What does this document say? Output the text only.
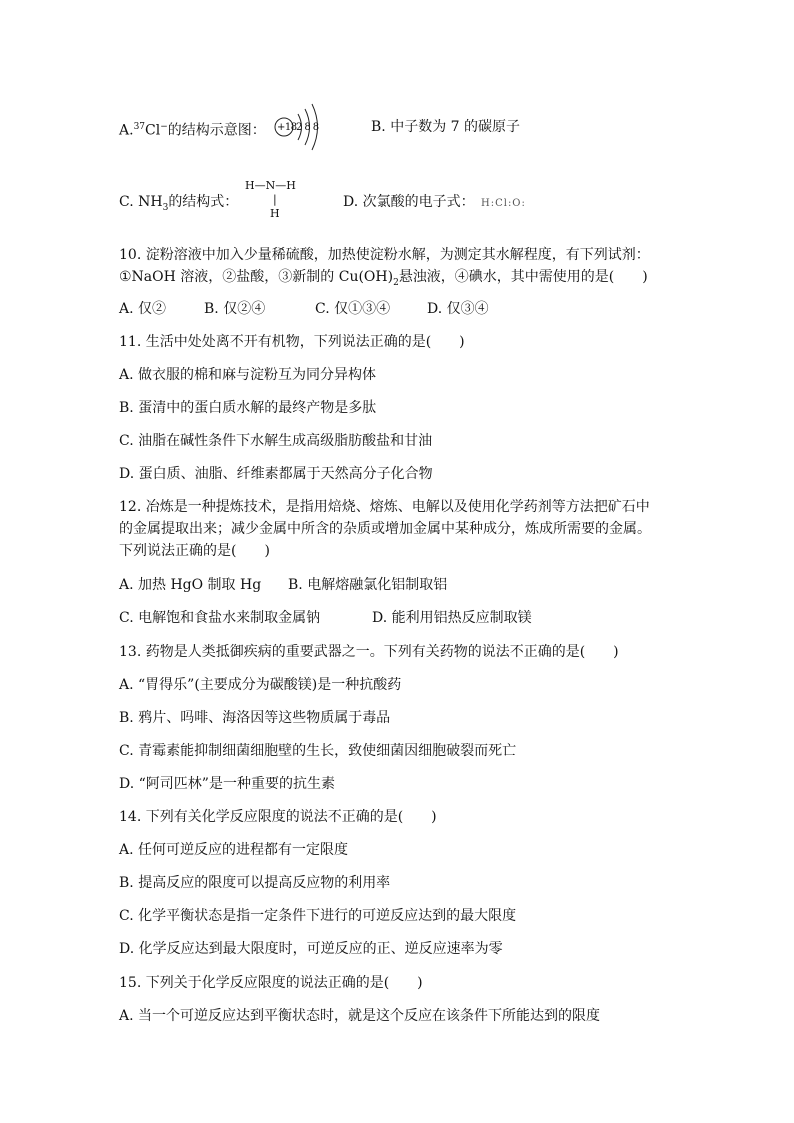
A.$^{37}$Cl−的结构示意图： +18 288	B. 中子数为 7 的碳原子
C. $NH_3$的结构式：
H—N—H
|
H
D. 次氯酸的电子式： H:Cl:O:
10. 淀粉溶液中加入少量稀硫酸，加热使淀粉水解，为测定其水解程度，有下列试剂：
①NaOH 溶液，②盐酸，③新制的 $Cu(OH)_2$悬浊液，④碘水，其中需使用的是(　　)
A. 仅②	B. 仅②④	C. 仅①③④	D. 仅③④
11. 生活中处处离不开有机物，下列说法正确的是(　　)
A. 做衣服的棉和麻与淀粉互为同分异构体
B. 蛋清中的蛋白质水解的最终产物是多肽
C. 油脂在碱性条件下水解生成高级脂肪酸盐和甘油
D. 蛋白质、油脂、纤维素都属于天然高分子化合物
12. 冶炼是一种提炼技术，是指用焙烧、熔炼、电解以及使用化学药剂等方法把矿石中
的金属提取出来；减少金属中所含的杂质或增加金属中某种成分，炼成所需要的金属。
下列说法正确的是(　　)
A. 加热 HgO 制取 Hg B. 电解熔融氯化铝制取铝
C. 电解饱和食盐水来制取金属钠	D. 能利用铝热反应制取镁
13. 药物是人类抵御疾病的重要武器之一。下列有关药物的说法不正确的是(　　)
A. “胃得乐”(主要成分为碳酸镁)是一种抗酸药
B. 鸦片、吗啡、海洛因等这些物质属于毒品
C. 青霉素能抑制细菌细胞壁的生长，致使细菌因细胞破裂而死亡
D. “阿司匹林”是一种重要的抗生素
14. 下列有关化学反应限度的说法不正确的是(　　)
A. 任何可逆反应的进程都有一定限度
B. 提高反应的限度可以提高反应物的利用率
C. 化学平衡状态是指一定条件下进行的可逆反应达到的最大限度
D. 化学反应达到最大限度时，可逆反应的正、逆反应速率为零
15. 下列关于化学反应限度的说法正确的是(　　)
A. 当一个可逆反应达到平衡状态时，就是这个反应在该条件下所能达到的限度
